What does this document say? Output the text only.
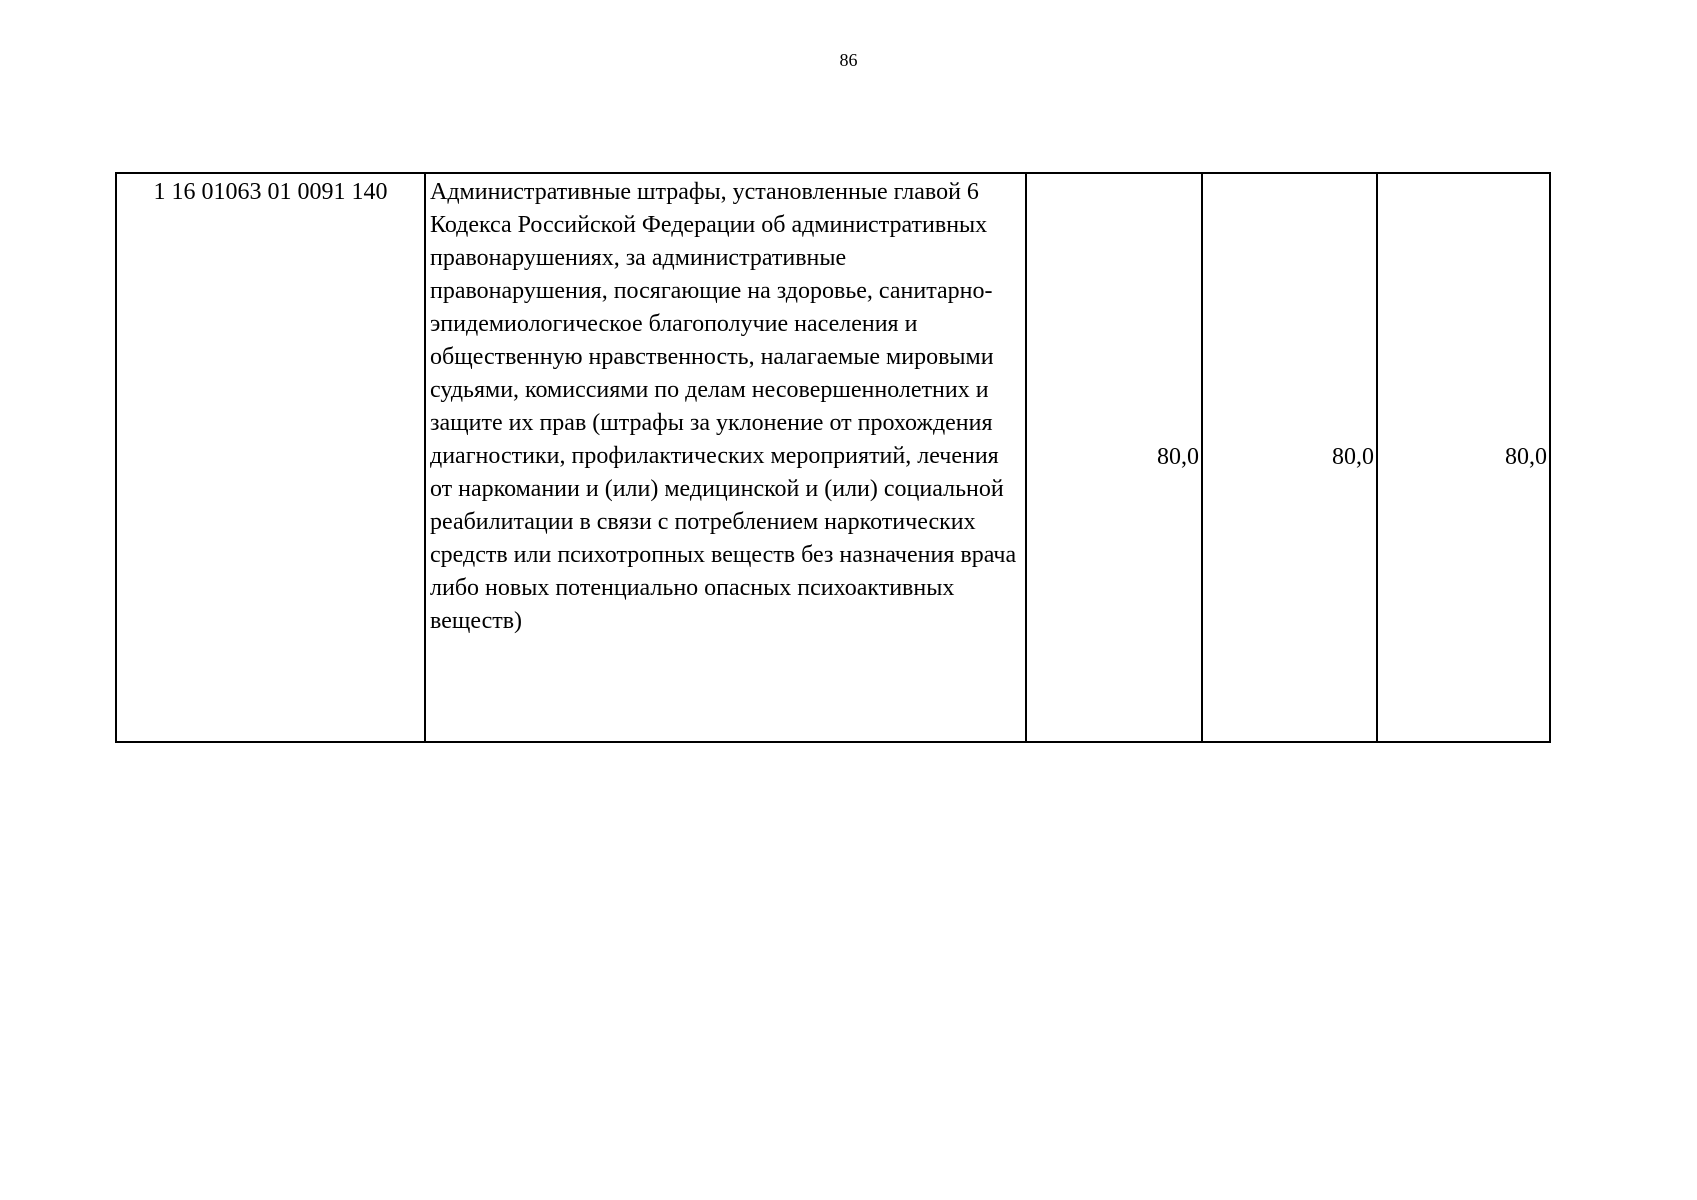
86
1 16 01063 01 0091 140	Административные штрафы, установленные главой 6 Кодекса Российской Федерации об административных правонарушениях, за административные правонарушения, посягающие на здоровье, санитарно-эпидемиологическое благополучие населения и общественную нравственность, налагаемые мировыми судьями, комиссиями по делам несовершеннолетних и защите их прав (штрафы за уклонение от прохождения диагностики, профилактических мероприятий, лечения от наркомании и (или) медицинской и (или) социальной реабилитации в связи с потреблением наркотических средств или психотропных веществ без назначения врача либо новых потенциально опасных психоактивных веществ)	80,0	80,0	80,0
